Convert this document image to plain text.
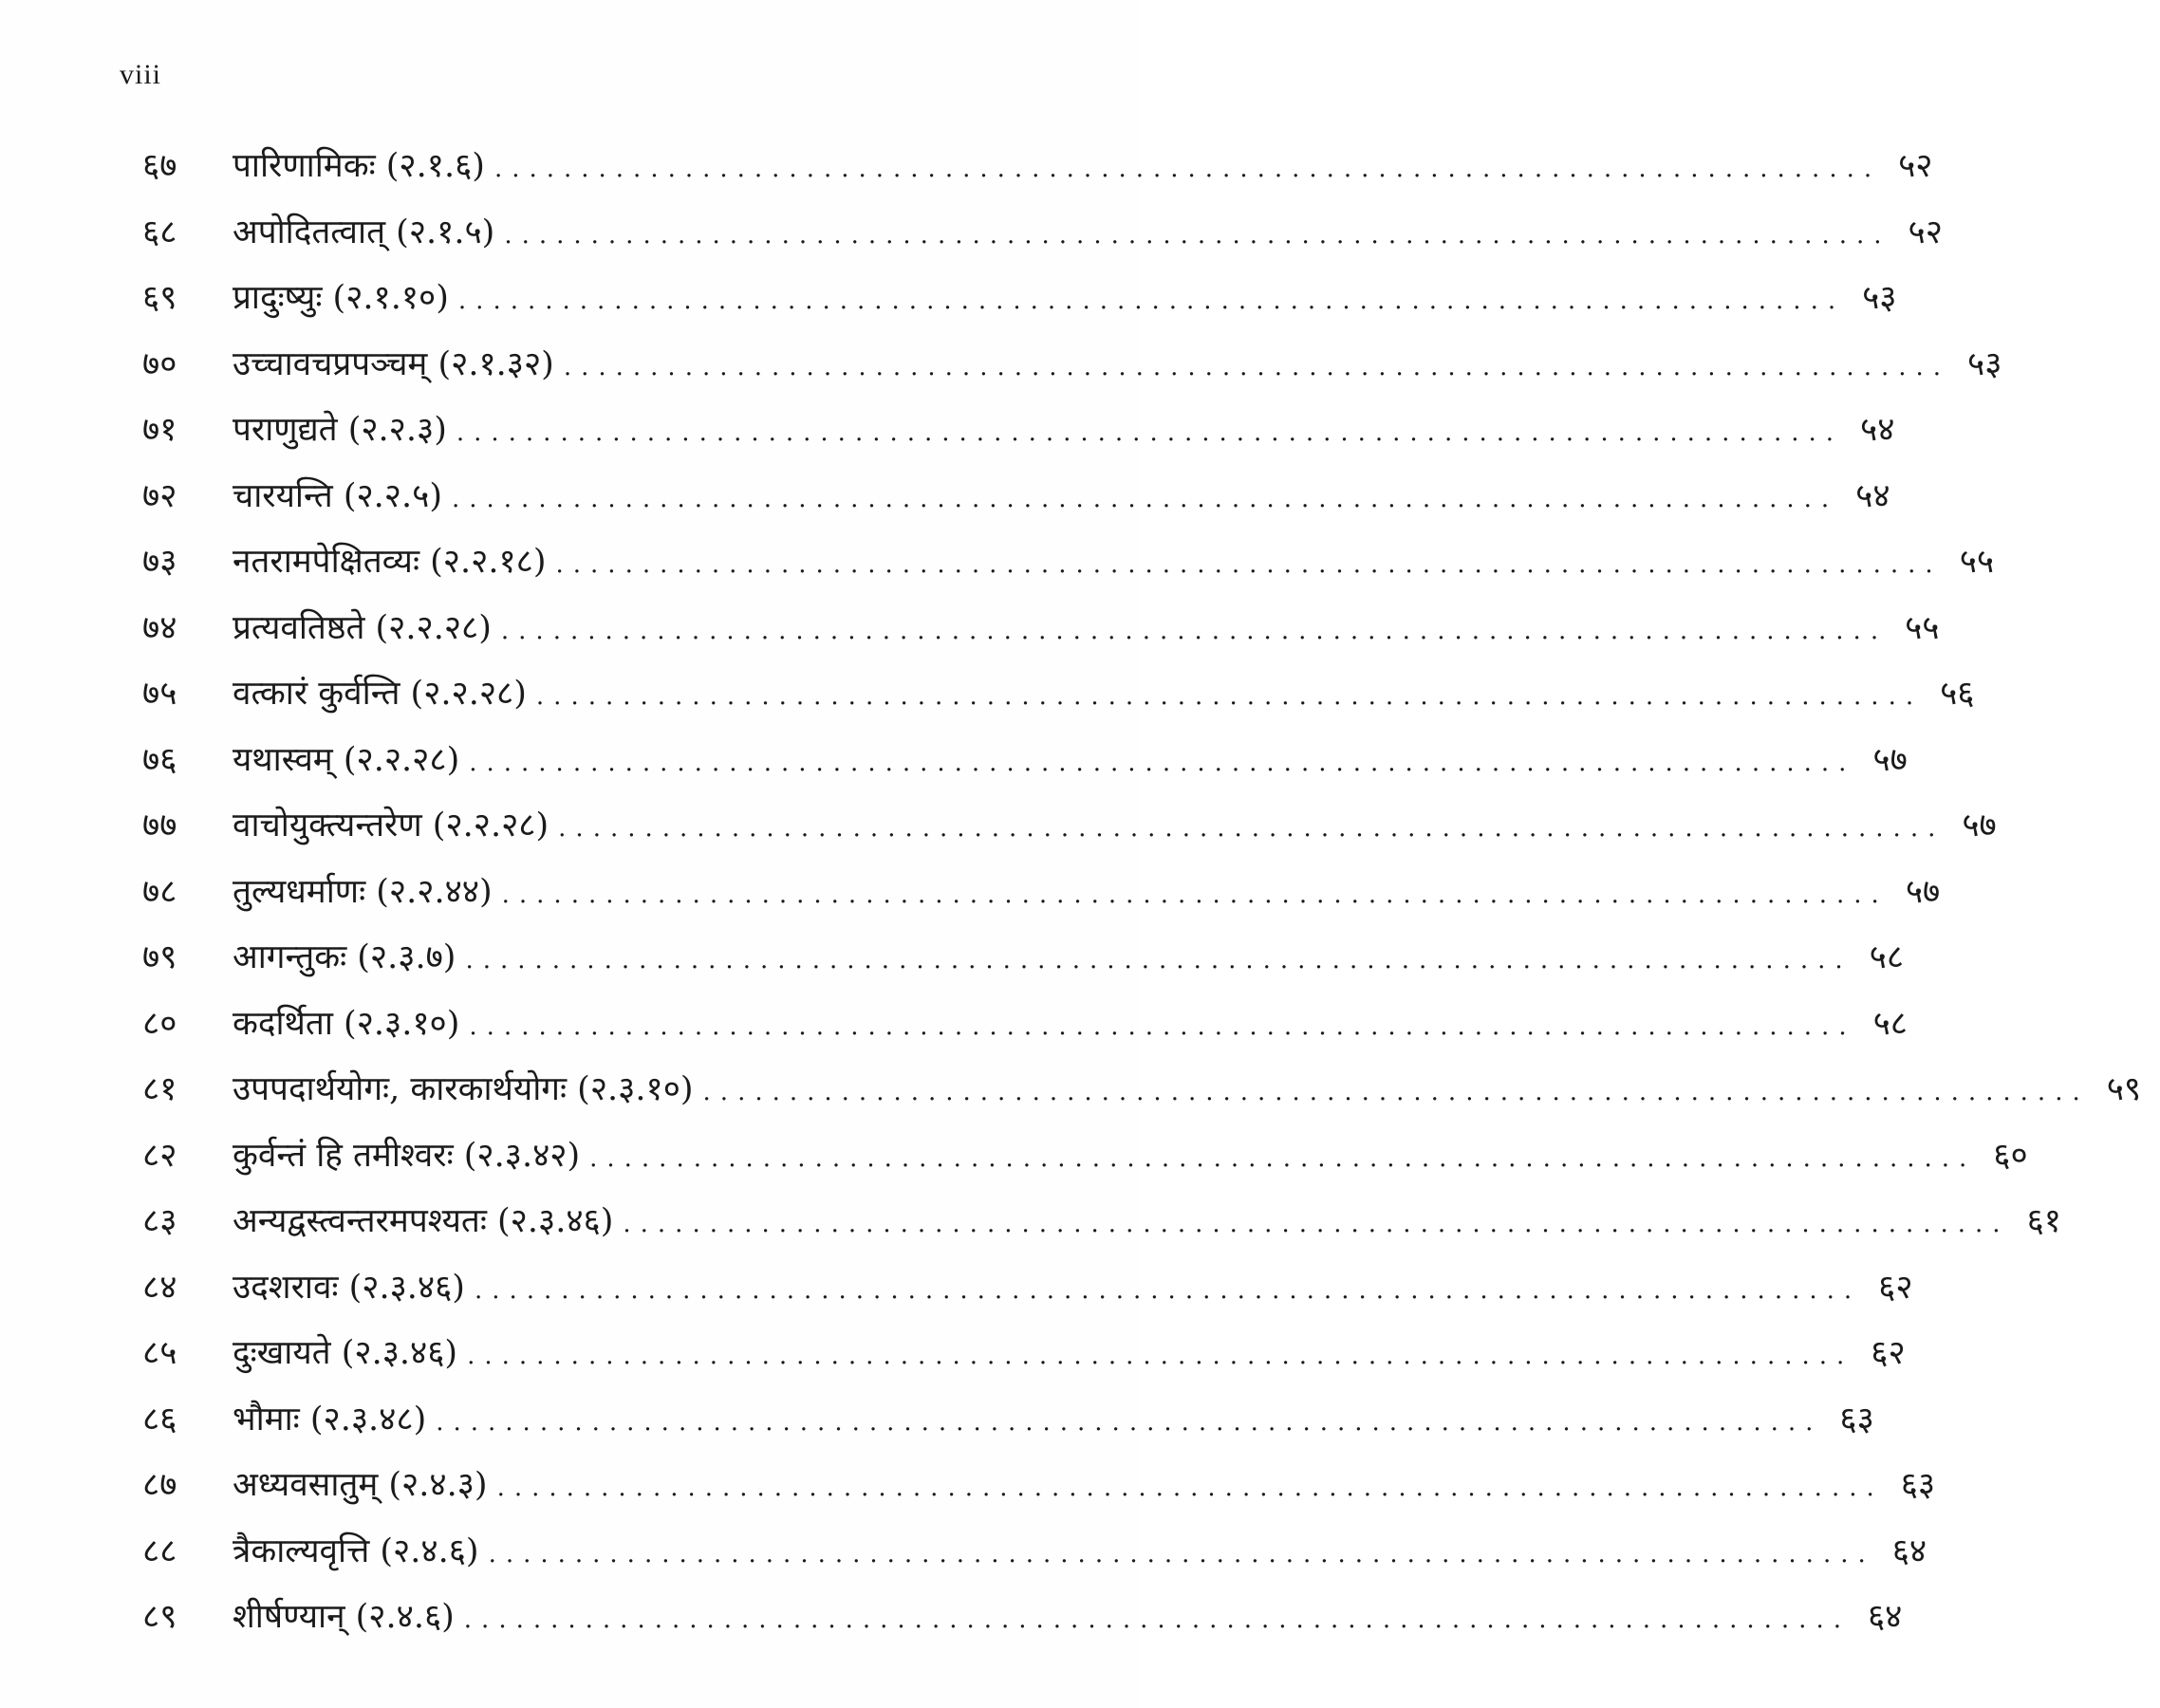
viii
६७	पारिणामिकः (२.१.६) ................................................................................ ५२
६८	अपोदितत्वात् (२.१.५) ................................................................................ ५२
६९	प्रादुःष्युः (२.१.१०) ................................................................................ ५३
७०	उच्चावचप्रपञ्चम् (२.१.३२) ................................................................................ ५३
७१	पराणुद्यते (२.२.३) ................................................................................ ५४
७२	चारयन्ति (२.२.५) ................................................................................ ५४
७३	नतरामपेक्षितव्यः (२.२.१८) ................................................................................ ५५
७४	प्रत्यवतिष्ठते (२.२.२८) ................................................................................ ५५
७५	वत्कारं कुर्वन्ति (२.२.२८) ................................................................................ ५६
७६	यथास्वम् (२.२.२८) ................................................................................ ५७
७७	वाचोयुक्त्यन्तरेण (२.२.२८) ................................................................................ ५७
७८	तुल्यधर्माणः (२.२.४४) ................................................................................ ५७
७९	आगन्तुकः (२.३.७) ................................................................................ ५८
८०	कदर्थिता (२.३.१०) ................................................................................ ५८
८१	उपपदार्थयोगः, कारकार्थयोगः (२.३.१०) ................................................................................ ५९
८२	कुर्वन्तं हि तमीश्वरः (२.३.४२) ................................................................................ ६०
८३	अन्यद्वस्त्वन्तरमपश्यतः (२.३.४६) ................................................................................ ६१
८४	उदशरावः (२.३.४६) ................................................................................ ६२
८५	दुःखायते (२.३.४६) ................................................................................ ६२
८६	भौमाः (२.३.४८) ................................................................................ ६३
८७	अध्यवसातुम् (२.४.३) ................................................................................ ६३
८८	त्रैकाल्यवृत्ति (२.४.६) ................................................................................ ६४
८९	शीर्षण्यान् (२.४.६) ................................................................................ ६४
